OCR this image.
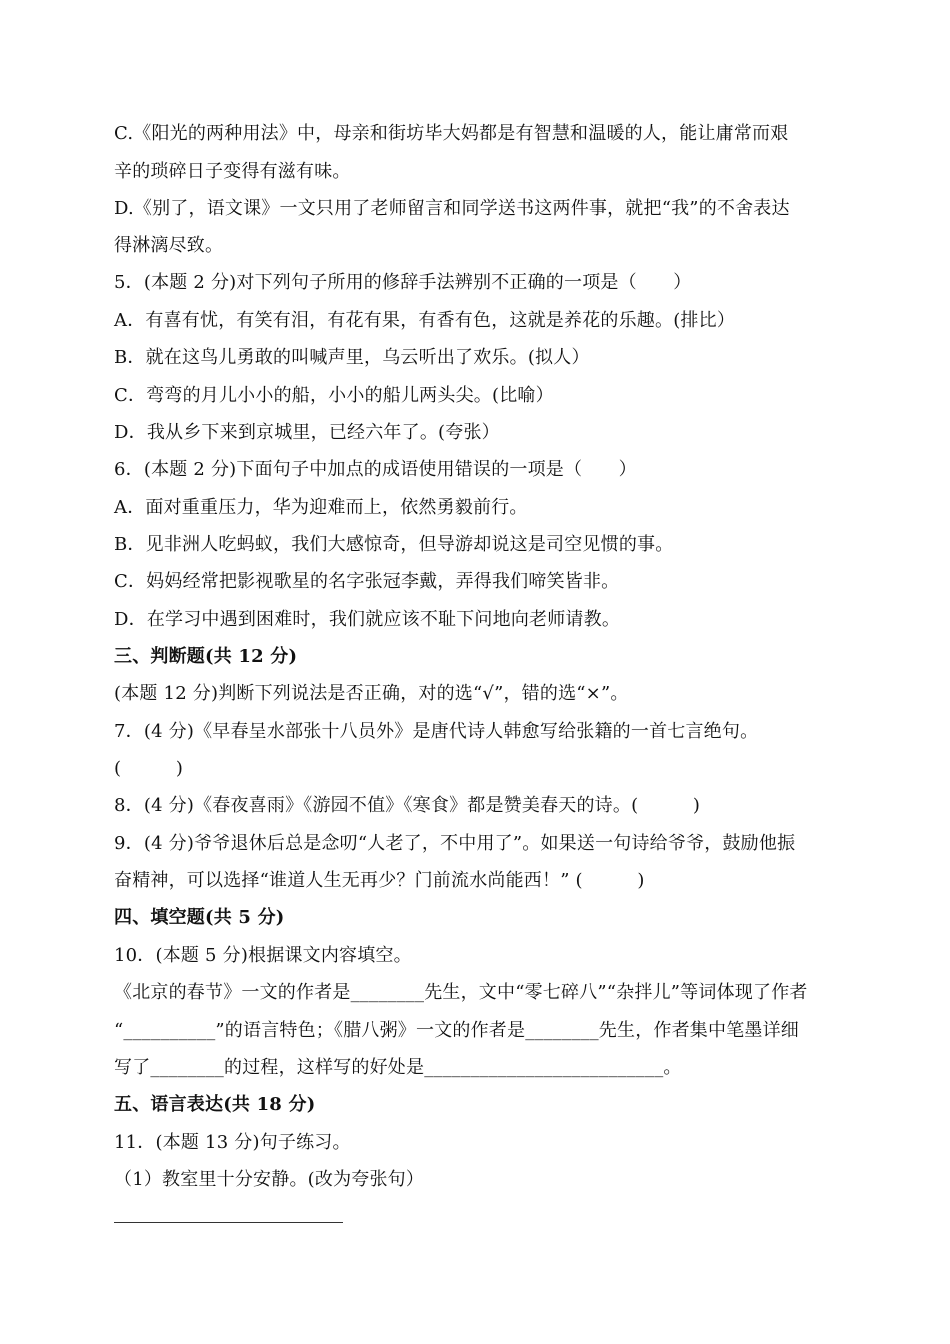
C.《阳光的两种用法》中，母亲和街坊毕大妈都是有智慧和温暖的人，能让庸常而艰
辛的琐碎日子变得有滋有味。
D.《别了，语文课》一文只用了老师留言和同学送书这两件事，就把“我”的不舍表达
得淋漓尽致。
5．(本题 2 分)对下列句子所用的修辞手法辨别不正确的一项是（　　）
A．有喜有忧，有笑有泪，有花有果，有香有色，这就是养花的乐趣。(排比）
B．就在这鸟儿勇敢的叫喊声里，乌云听出了欢乐。(拟人）
C．弯弯的月儿小小的船，小小的船儿两头尖。(比喻）
D．我从乡下来到京城里，已经六年了。(夸张）
6．(本题 2 分)下面句子中加点的成语使用错误的一项是（　　）
A．面对重重压力，华为迎难而上，依然勇毅前行。
B．见非洲人吃蚂蚁，我们大感惊奇，但导游却说这是司空见惯的事。
C．妈妈经常把影视歌星的名字张冠李戴，弄得我们啼笑皆非。
D．在学习中遇到困难时，我们就应该不耻下问地向老师请教。
三、判断题(共 12 分)
(本题 12 分)判断下列说法是否正确，对的选“√”，错的选“×”。
7．(4 分)《早春呈水部张十八员外》是唐代诗人韩愈写给张籍的一首七言绝句。
(　　　)
8．(4 分)《春夜喜雨》《游园不值》《寒食》都是赞美春天的诗。(　　　)
9．(4 分)爷爷退休后总是念叨“人老了，不中用了”。如果送一句诗给爷爷，鼓励他振
奋精神，可以选择“谁道人生无再少？门前流水尚能西！” (　　　)
四、填空题(共 5 分)
10．(本题 5 分)根据课文内容填空。
《北京的春节》一文的作者是________先生，文中“零七碎八”“杂拌儿”等词体现了作者
“__________”的语言特色；《腊八粥》一文的作者是________先生，作者集中笔墨详细
写了________的过程，这样写的好处是__________________________。
五、语言表达(共 18 分)
11．(本题 13 分)句子练习。
（1）教室里十分安静。(改为夸张句）
